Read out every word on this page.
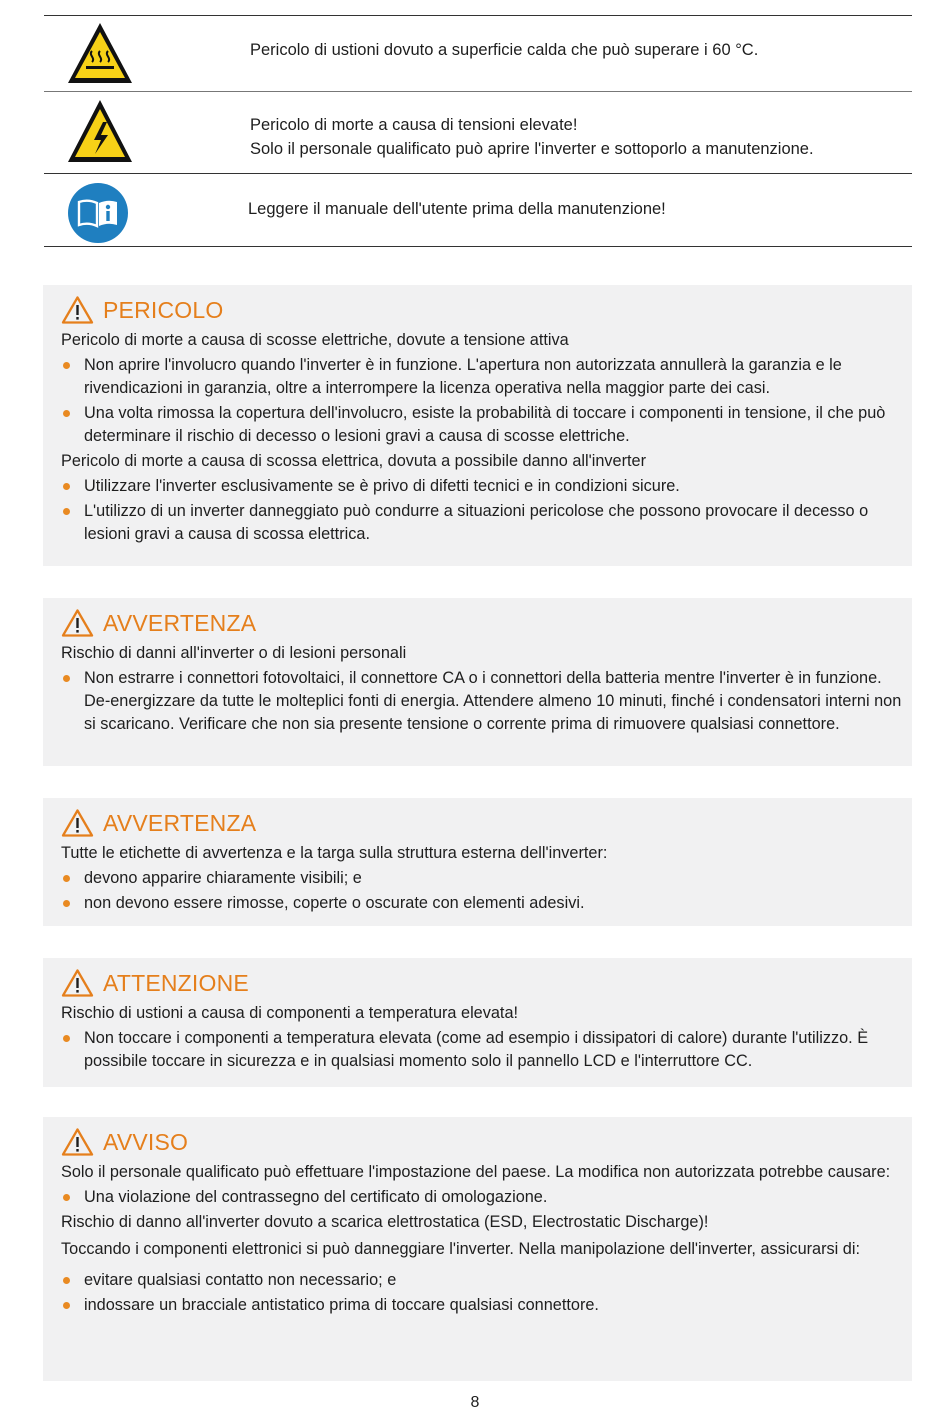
Pericolo di ustioni dovuto a superficie calda che può superare i 60 °C.
Pericolo di morte a causa di tensioni elevate!
Solo il personale qualificato può aprire l'inverter e sottoporlo a manutenzione.
Leggere il manuale dell'utente prima della manutenzione!
PERICOLO

Pericolo di morte a causa di scosse elettriche, dovute a tensione attiva

Non aprire l'involucro quando l'inverter è in funzione. L'apertura non autorizzata annullerà la garanzia e le rivendicazioni in garanzia, oltre a interrompere la licenza operativa nella maggior parte dei casi.
Una volta rimossa la copertura dell'involucro, esiste la probabilità di toccare i componenti in tensione, il che può determinare il rischio di decesso o lesioni gravi a causa di scosse elettriche.

Pericolo di morte a causa di scossa elettrica, dovuta a possibile danno all'inverter

Utilizzare l'inverter esclusivamente se è privo di difetti tecnici e in condizioni sicure.
L'utilizzo di un inverter danneggiato può condurre a situazioni pericolose che possono provocare il decesso o lesioni gravi a causa di scossa elettrica.
AVVERTENZA

Rischio di danni all'inverter o di lesioni personali

Non estrarre i connettori fotovoltaici, il connettore CA o i connettori della batteria mentre l'inverter è in funzione. De-energizzare da tutte le molteplici fonti di energia. Attendere almeno 10 minuti, finché i condensatori interni non si scaricano. Verificare che non sia presente tensione o corrente prima di rimuovere qualsiasi connettore.
AVVERTENZA

Tutte le etichette di avvertenza e la targa sulla struttura esterna dell'inverter:

devono apparire chiaramente visibili; e
non devono essere rimosse, coperte o oscurate con elementi adesivi.
ATTENZIONE

Rischio di ustioni a causa di componenti a temperatura elevata!

Non toccare i componenti a temperatura elevata (come ad esempio i dissipatori di calore) durante l'utilizzo. È possibile toccare in sicurezza e in qualsiasi momento solo il pannello LCD e l'interruttore CC.
AVVISO

Solo il personale qualificato può effettuare l'impostazione del paese. La modifica non autorizzata potrebbe causare:

Una violazione del contrassegno del certificato di omologazione.

Rischio di danno all'inverter dovuto a scarica elettrostatica (ESD, Electrostatic Discharge)!

Toccando i componenti elettronici si può danneggiare l'inverter. Nella manipolazione dell'inverter, assicurarsi di:

evitare qualsiasi contatto non necessario; e
indossare un bracciale antistatico prima di toccare qualsiasi connettore.
8
